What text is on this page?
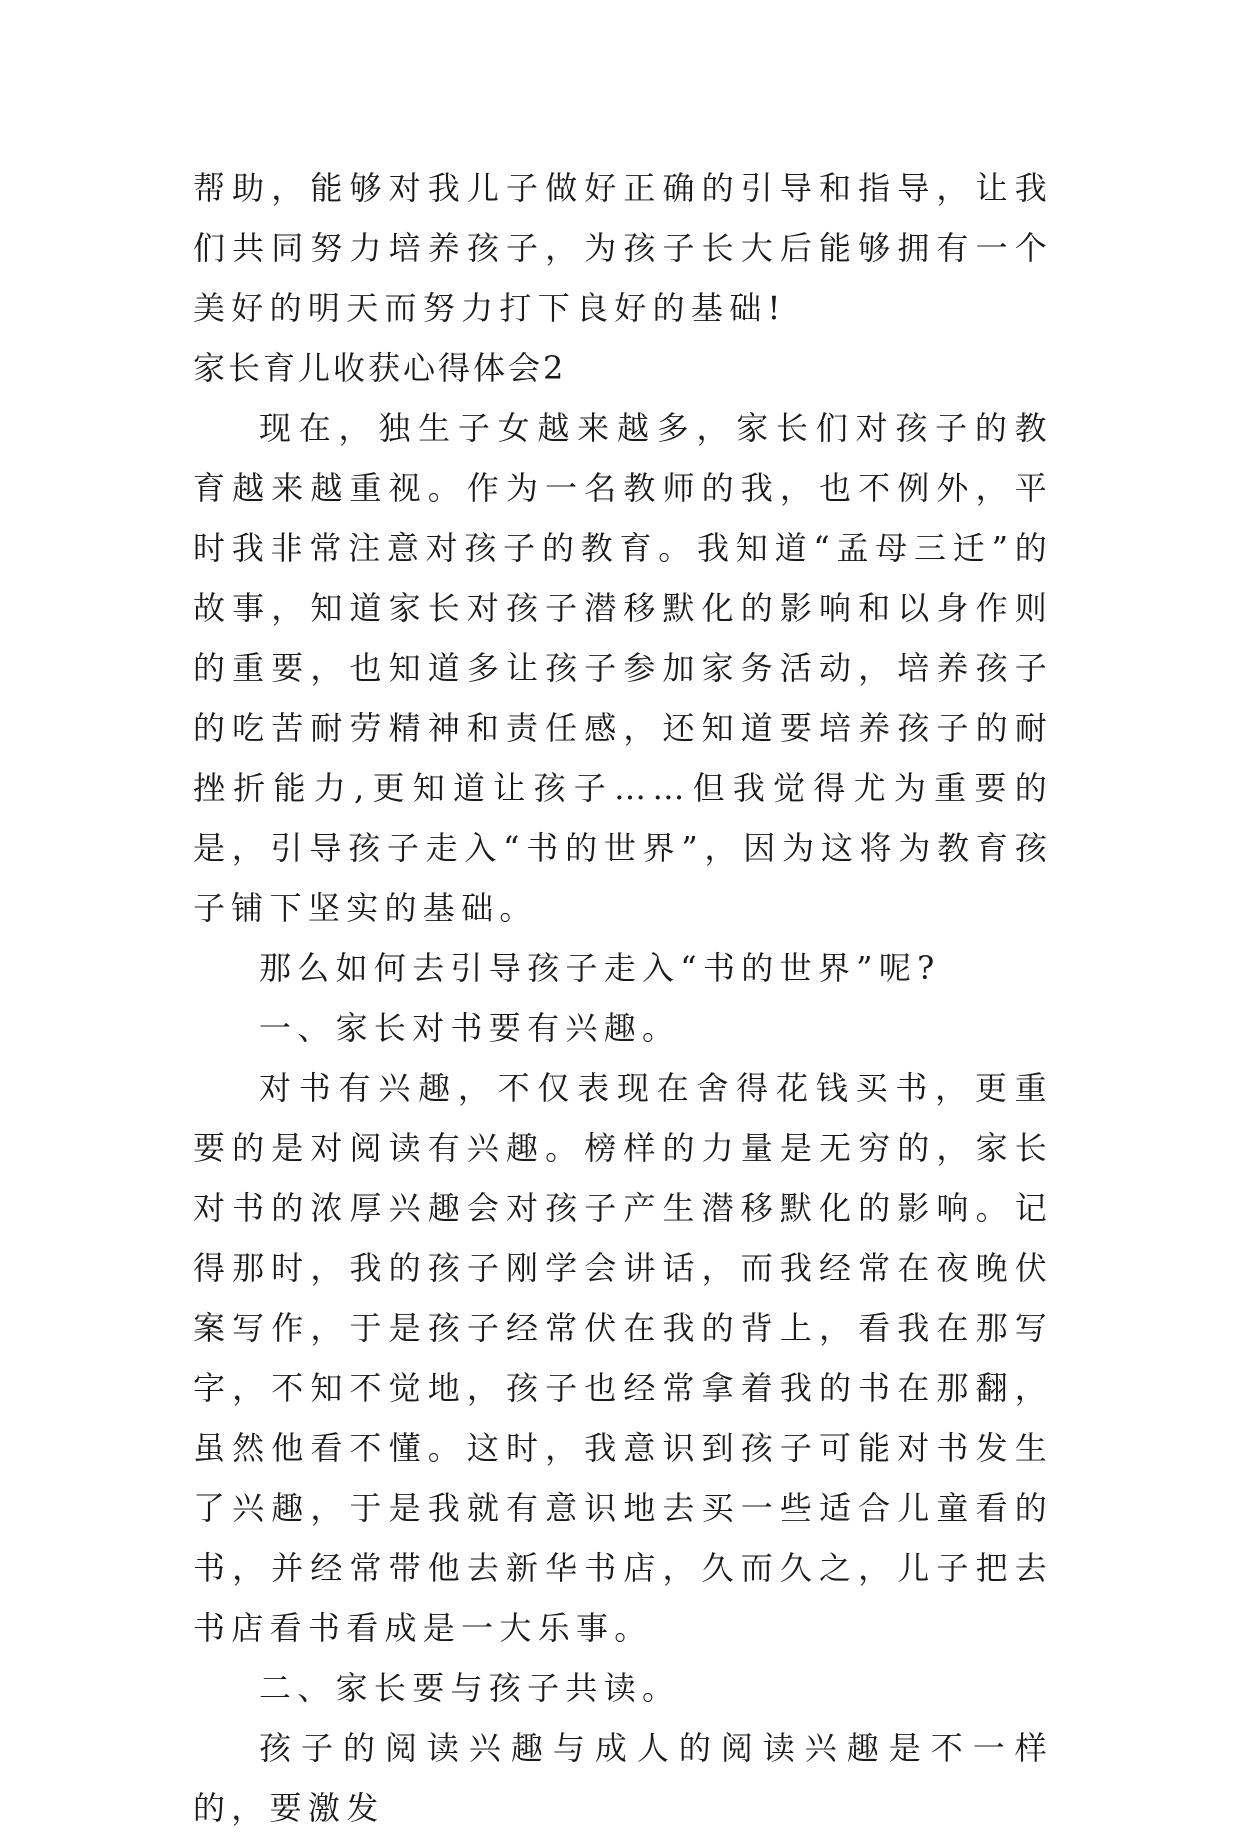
帮助，能够对我儿子做好正确的引导和指导，让我们共同努力培养孩子，为孩子长大后能够拥有一个美好的明天而努力打下良好的基础!

家长育儿收获心得体会2

现在，独生子女越来越多，家长们对孩子的教育越来越重视。作为一名教师的我，也不例外，平时我非常注意对孩子的教育。我知道“孟母三迁”的故事，知道家长对孩子潜移默化的影响和以身作则的重要，也知道多让孩子参加家务活动，培养孩子的吃苦耐劳精神和责任感，还知道要培养孩子的耐挫折能力,更知道让孩子……但我觉得尤为重要的是，引导孩子走入“书的世界”，因为这将为教育孩子铺下坚实的基础。

那么如何去引导孩子走入“书的世界”呢?

一、家长对书要有兴趣。

对书有兴趣，不仅表现在舍得花钱买书，更重要的是对阅读有兴趣。榜样的力量是无穷的，家长对书的浓厚兴趣会对孩子产生潜移默化的影响。记得那时，我的孩子刚学会讲话，而我经常在夜晚伏案写作，于是孩子经常伏在我的背上，看我在那写字，不知不觉地，孩子也经常拿着我的书在那翻，虽然他看不懂。这时，我意识到孩子可能对书发生了兴趣，于是我就有意识地去买一些适合儿童看的书，并经常带他去新华书店，久而久之，儿子把去书店看书看成是一大乐事。

二、家长要与孩子共读。

孩子的阅读兴趣与成人的阅读兴趣是不一样的，要激发
